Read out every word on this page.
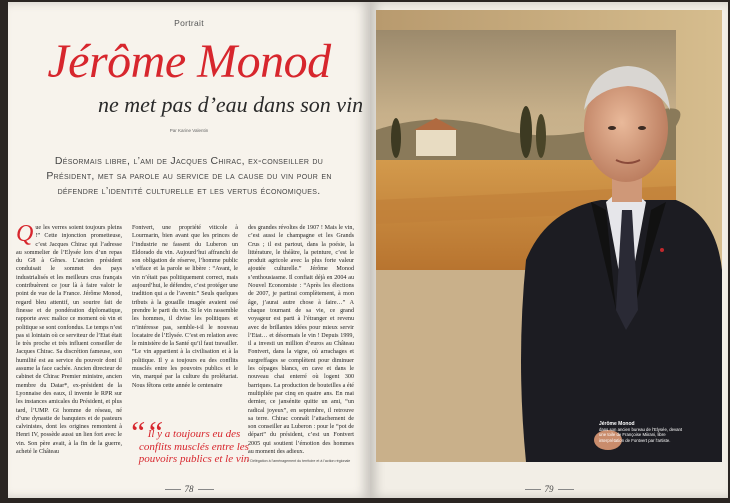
Portrait
Jérôme Monod
ne met pas d’eau dans son vin
Par Karine Valentin
Désormais libre, l’ami de Jacques Chirac, ex-conseiller du Président, met sa parole au service de la cause du vin pour en défendre l’identité culturelle et les vertus économiques.
Q ue les verres soient toujours pleins !” Cette injonction prometteuse, c’est Jacques Chirac qui l’adresse au sommelier de l’Elysée lors d’un repas du G8 à Gênes. L’ancien président conduisait le sommet des pays industrialisés et les meilleurs crus français contribuèrent ce jour là à faire valoir le point de vue de la France. Jérôme Monod, regard bleu attentif, un sourire fait de finesse et de pondération diplomatique, rapporte avec malice ce moment où vin et politique se sont confondus. Le temps n’est pas si lointain où ce serviteur de l’Etat était le très proche et très influent conseiller de Jacques Chirac. Sa discrétion fameuse, son humilité est au service du pouvoir dont il assume la face cachée. Ancien directeur de cabinet de Chirac Premier ministre, ancien membre du Datar*, ex-président de la Lyonnaise des eaux, il invente le RPR sur les instances amicales du Président, et plus tard, l’UMP. Gt homme de réseau, né d’une dynastie de banquiers et de pasteurs calvinistes, dont les origines remontent à Henri IV, possède aussi un lien fort avec le vin. Son père avait, à la fin de la guerre, acheté le Château

Fontvert, une propriété viticole à Lourmarin, bien avant que les princes de l’industrie ne fassent du Luberon un Eldorado du vin. Aujourd’hui affranchi de son obligation de réserve, l’homme public s’efface et la parole se libère : “Avant, le vin n’était pas politiquement correct, mais aujourd’hui, le défendre, c’est protéger une tradition qui a de l’avenir.” Seuls quelques tributs à la gouaille imagée avaient osé prendre le parti du vin. Si le vin rassemble les hommes, il divise les politiques et n’intéresse pas, semble-t-il le nouveau locataire de l’Elysée. C’est en relation avec le ministère de la Santé qu’il faut travailler. “Le vin appartient à la civilisation et à la politique. Il y a toujours eu des conflits musclés entre les pouvoirs publics et le vin, marqué par la culture du prolétariat. Nous fêtons cette année le centenaire

des grandes révoltes de 1907 ! Mais le vin, c’est aussi le champagne et les Grands Crus ; il est partout, dans la poésie, la littérature, le théâtre, la peinture, c’est le produit agricole avec la plus forte valeur ajoutée culturelle.” Jérôme Monod s’enthousiasme. Il confiait déjà en 2004 au Nouvel Economiste : “Après les élections de 2007, je partirai complètement, à mon âge, j’aurai autre chose à faire…” A chaque tournant de sa vie, ce grand voyageur est parti à l’étranger et revenu avec de brillantes idées pour mieux servir l’Etat… et désormais le vin ! Depuis 1999, il a investi un million d’euros au Château Fontvert, dans la vigne, où arrachages et surgreffages se complètent pour diminuer les cépages blancs, en cave et dans le nouveau chai enterré où logent 300 barriques. La production de bouteilles a été multipliée par cinq en quatre ans. En mai dernier, ce jansénite quitte un ami, “un radical joyeux”, en septembre, il retrouve sa terre. Chirac connaît l’attachement de son conseiller au Luberon : pour le “pot de départ” du président, c’est un Fontvert 2005 qui soutient l’émotion des hommes au moment des adieux.

““
Il y a toujours eu des conflits musclés entre les pouvoirs publics et le vin
* Délégation à l’aménagement du territoire et à l’action régionale
78
Jérôme Monod
dans son ancien bureau de l’Elysée, devant une toile de Françoise Miirani, libre interprétation de Fontvert par l’artiste.
79
